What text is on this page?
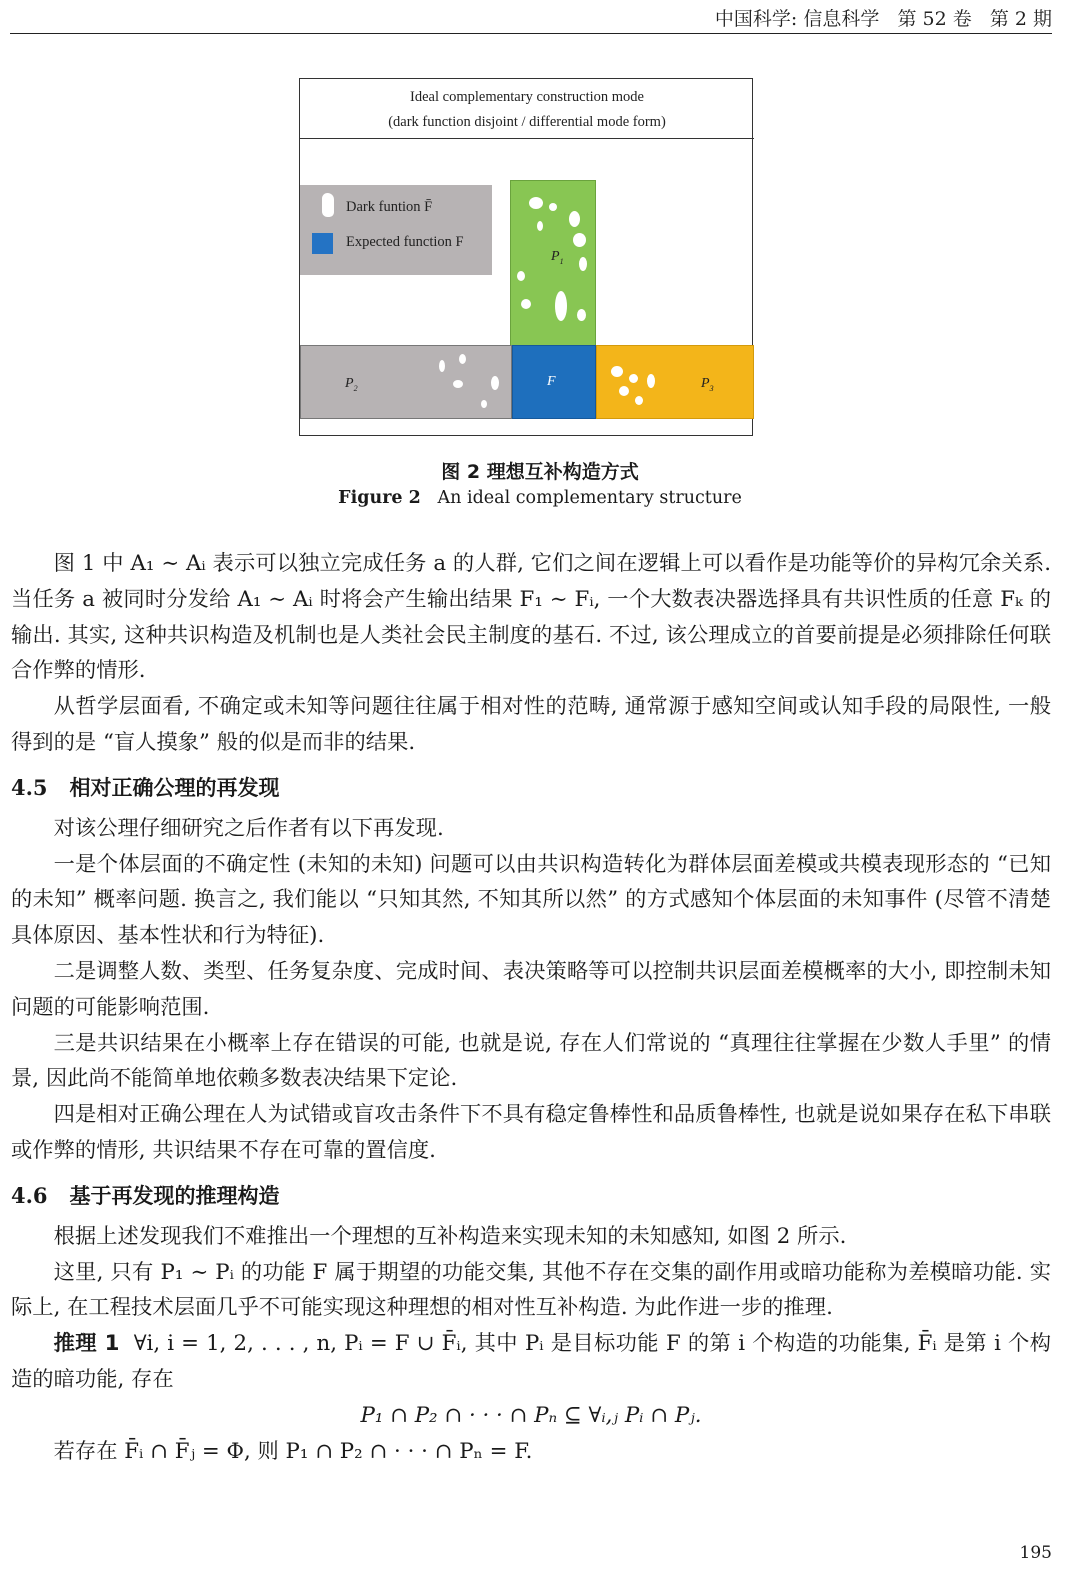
中国科学: 信息科学   第 52 卷   第 2 期
Ideal complementary construction mode
(dark function disjoint / differential mode form)
Dark funtion F̄
Expected function F
$P_1$
$P_2$	F	$P_3$
图 2 理想互补构造方式
Figure 2 An ideal complementary structure

图 1 中 A₁ ∼ Aᵢ 表示可以独立完成任务 a 的人群, 它们之间在逻辑上可以看作是功能等价的异构冗余关系. 当任务 a 被同时分发给 A₁ ∼ Aᵢ 时将会产生输出结果 F₁ ∼ Fᵢ, 一个大数表决器选择具有共识性质的任意 Fₖ 的输出. 其实, 这种共识构造及机制也是人类社会民主制度的基石. 不过, 该公理成立的首要前提是必须排除任何联合作弊的情形.

从哲学层面看, 不确定或未知等问题往往属于相对性的范畴, 通常源于感知空间或认知手段的局限性, 一般得到的是 “盲人摸象” 般的似是而非的结果.

4.5 相对正确公理的再发现

对该公理仔细研究之后作者有以下再发现.

一是个体层面的不确定性 (未知的未知) 问题可以由共识构造转化为群体层面差模或共模表现形态的 “已知的未知” 概率问题. 换言之, 我们能以 “只知其然, 不知其所以然” 的方式感知个体层面的未知事件 (尽管不清楚具体原因、基本性状和行为特征).

二是调整人数、类型、任务复杂度、完成时间、表决策略等可以控制共识层面差模概率的大小, 即控制未知问题的可能影响范围.

三是共识结果在小概率上存在错误的可能, 也就是说, 存在人们常说的 “真理往往掌握在少数人手里” 的情景, 因此尚不能简单地依赖多数表决结果下定论.

四是相对正确公理在人为试错或盲攻击条件下不具有稳定鲁棒性和品质鲁棒性, 也就是说如果存在私下串联或作弊的情形, 共识结果不存在可靠的置信度.

4.6 基于再发现的推理构造

根据上述发现我们不难推出一个理想的互补构造来实现未知的未知感知, 如图 2 所示.

这里, 只有 P₁ ∼ Pᵢ 的功能 F 属于期望的功能交集, 其他不存在交集的副作用或暗功能称为差模暗功能. 实际上, 在工程技术层面几乎不可能实现这种理想的相对性互补构造. 为此作进一步的推理.

推理 1 ∀i, i = 1, 2, . . . , n, Pᵢ = F ∪ F̄ᵢ, 其中 Pᵢ 是目标功能 F 的第 i 个构造的功能集, F̄ᵢ 是第 i 个构造的暗功能, 存在

P₁ ∩ P₂ ∩ · · · ∩ Pₙ ⊆ ∀ᵢ,ⱼ Pᵢ ∩ Pⱼ.

若存在 F̄ᵢ ∩ F̄ⱼ = Φ, 则 P₁ ∩ P₂ ∩ · · · ∩ Pₙ = F.

195
